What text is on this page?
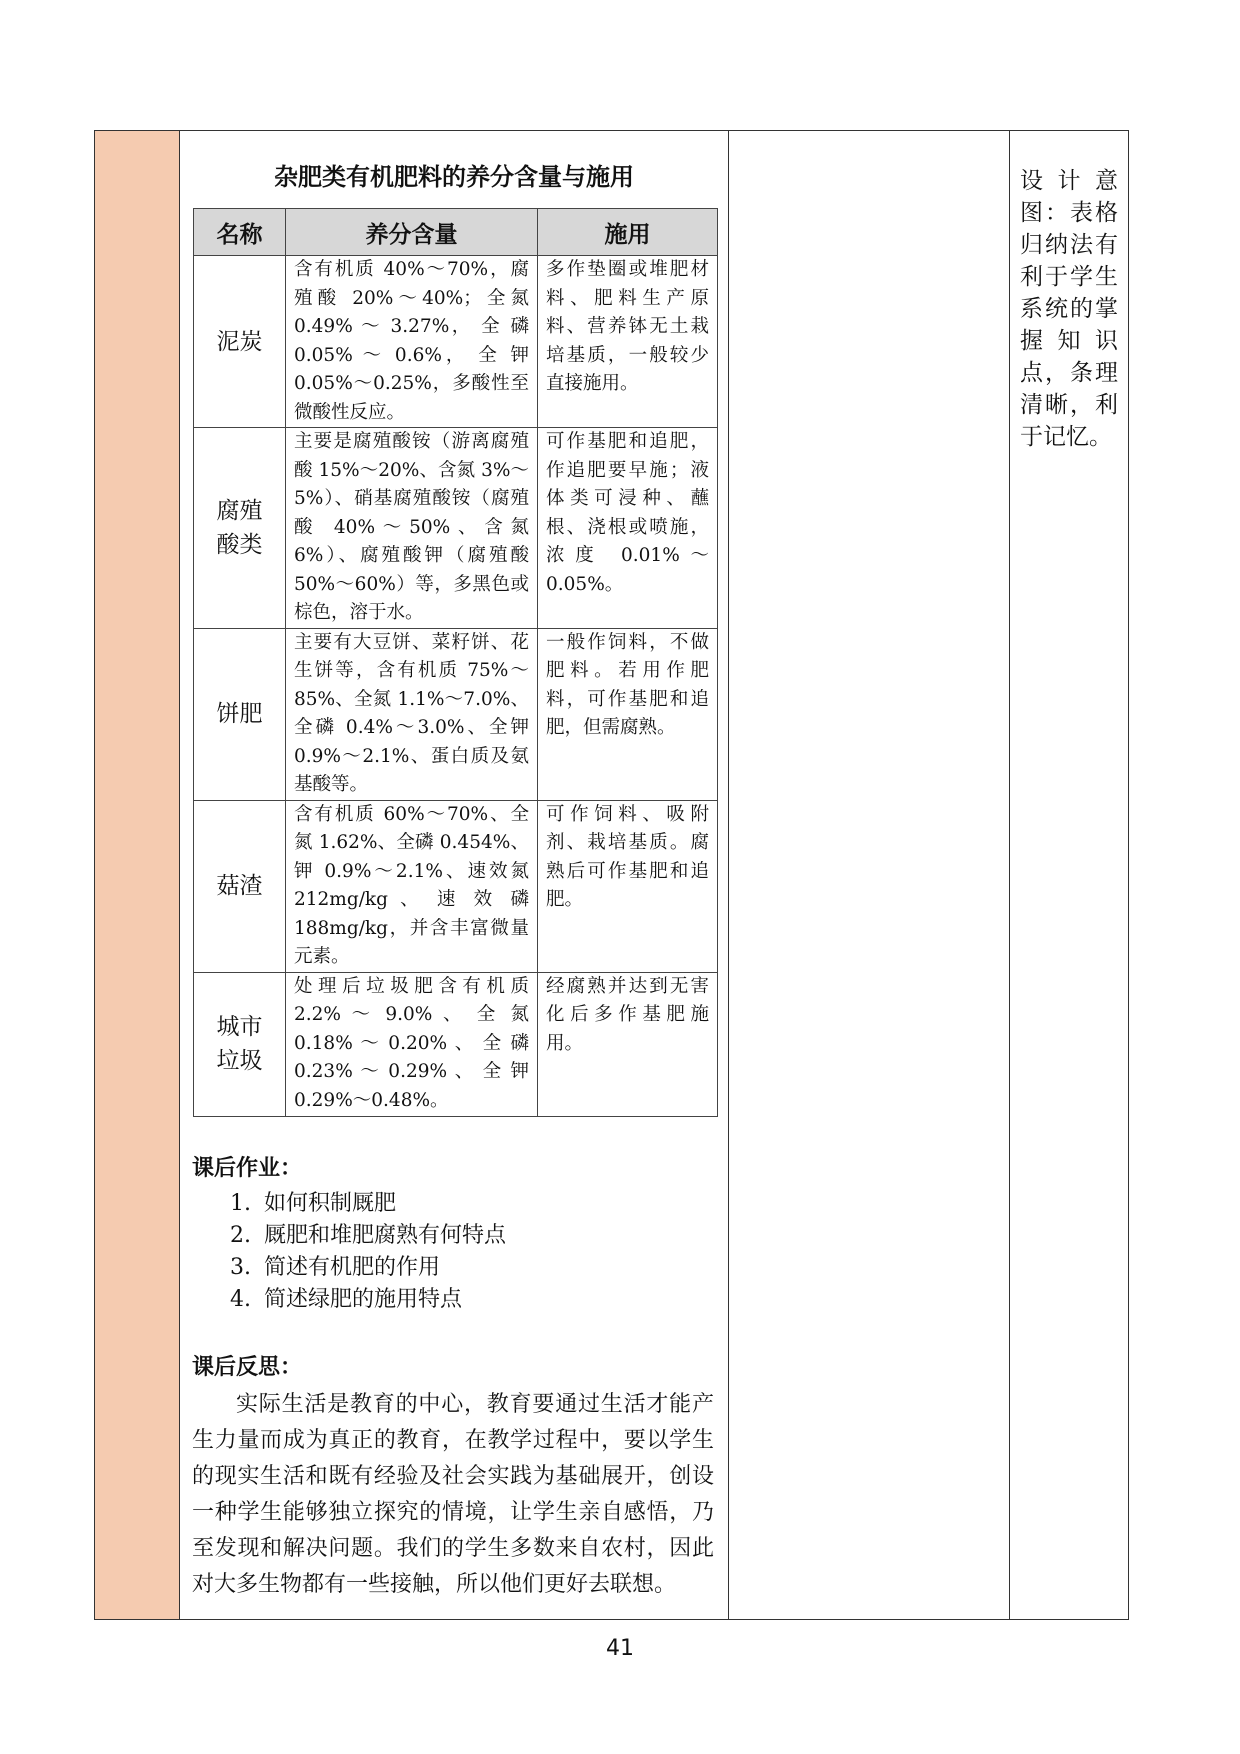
杂肥类有机肥料的养分含量与施用
名称	养分含量	施用
泥炭	含有机质 40%～70%，腐殖酸 20%～40%；全氮0.49% ～ 3.27%， 全 磷 0.05% ～ 0.6%， 全 钾 0.05%～0.25%，多酸性至微酸性反应。	多作垫圈或堆肥材料、肥料生产原料、营养钵无土栽培基质，一般较少直接施用。
腐殖酸类	主要是腐殖酸铵（游离腐殖酸 15%～20%、含氮 3%～5%）、硝基腐殖酸铵（腐殖酸 40%～50%、含氮 6%）、腐殖酸钾（腐殖酸 50%～60%）等，多黑色或棕色，溶于水。	可作基肥和追肥，作追肥要早施；液体类可浸种、蘸根、浇根或喷施，浓度 0.01%～0.05%。
饼肥	主要有大豆饼、菜籽饼、花生饼等，含有机质 75%～85%、全氮 1.1%～7.0%、全磷 0.4%～3.0%、全钾 0.9%～2.1%、蛋白质及氨基酸等。	一般作饲料，不做肥料。若用作肥料，可作基肥和追肥，但需腐熟。
菇渣	含有机质 60%～70%、全氮 1.62%、全磷 0.454%、钾 0.9%～2.1%、速效氮 212mg/kg 、 速 效 磷 188mg/kg，并含丰富微量元素。	可作饲料、吸附剂、栽培基质。腐熟后可作基肥和追肥。
城市垃圾	处理后垃圾肥含有机质 2.2% ～ 9.0% 、 全 氮 0.18% ～ 0.20% 、 全 磷 0.23% ～ 0.29% 、 全 钾 0.29%～0.48%。	经腐熟并达到无害化后多作基肥施用。
课后作业：
1. 如何积制厩肥
2. 厩肥和堆肥腐熟有何特点
3. 简述有机肥的作用
4. 简述绿肥的施用特点
课后反思：

实际生活是教育的中心，教育要通过生活才能产生力量而成为真正的教育，在教学过程中，要以学生的现实生活和既有经验及社会实践为基础展开，创设一种学生能够独立探究的情境，让学生亲自感悟，乃至发现和解决问题。我们的学生多数来自农村，因此对大多生物都有一些接触，所以他们更好去联想。

设计意图：表格归纳法有利于学生系统的掌握知识点，条理清晰，利于记忆。
41
